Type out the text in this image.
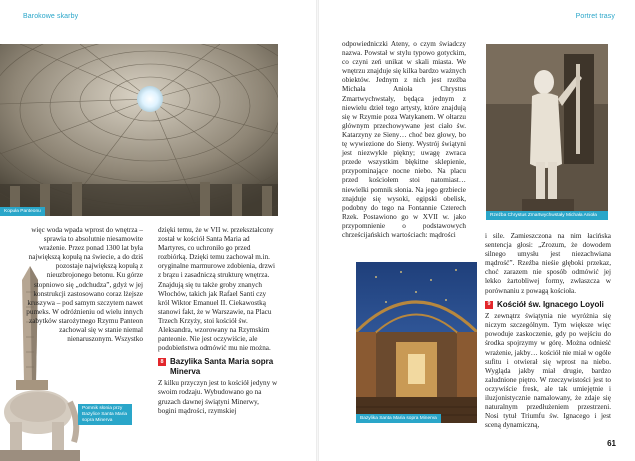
Barokowe skarby	Portret trasy
Kopuła Panteonu
Pomnik słonia przy Bazylice Santa Maria sopra Minerva

więc woda wpada wprost do wnętrza – sprawia to absolutnie niesamowite wrażenie. Przez ponad 1300 lat była największą kopułą na świecie, a do dziś pozostaje największą kopułą z nieuzbrojonego betonu. Ku górze stopniowo się „odchudza”, gdyż w jej konstrukcji zastosowano coraz lżejsze kruszywa – pod samym szczytem nawet pumeks. W odróżnieniu od wielu innych zabytków starożytnego Rzymu Panteon zachował się w stanie niemal nienaruszonym. Wszystko

dzięki temu, że w VII w. przekształcony został w kościół Santa Maria ad Martyres, co uchroniło go przed rozbiórką. Dzięki temu zachował m.in. oryginalne marmurowe zdobienia, drzwi z brązu i zasadniczą strukturę wnętrza. Znajdują się tu także groby znanych Włochów, takich jak Rafael Santi czy król Wiktor Emanuel II. Ciekawostką stanowi fakt, że w Warszawie, na Placu Trzech Krzyży, stoi kościół św. Aleksandra, wzorowany na Rzymskim panteonie. Nie jest oczywiście, ale podobieństwa odmówić mu nie można.

8 Bazylika Santa Maria sopra Minerva

Z kilku przyczyn jest to kościół jedyny w swoim rodzaju. Wybudowano go na gruzach dawnej świątyni Minerwy, bogini mądrości, rzymskiej

odpowiedniczki Ateny, o czym świadczy nazwa. Powstał w stylu typowo gotyckim, co czyni zeń unikat w skali miasta. We wnętrzu znajduje się kilka bardzo ważnych obiektów. Jednym z nich jest rzeźba Michała Anioła Chrystus Zmartwychwstały, będąca jednym z niewielu dzieł tego artysty, które znajdują się w Rzymie poza Watykanem. W ołtarzu głównym przechowywane jest ciało św. Katarzyny ze Sieny… choć bez głowy, bo tę wywiezione do Sieny. Wystrój świątyni jest niezwykle piękny; uwagę zwraca przede wszystkim błękitne sklepienie, przypominające nocne niebo. Na placu przed kościołem stoi natomiast… niewielki pomnik słonia. Na jego grzbiecie znajduje się wysoki, egipski obelisk, podobny do tego na Fontannie Czterech Rzek. Postawiono go w XVII w. jako przypomnienie o podstawowych chrześcijańskich wartościach: mądrości

Bazylika Santa Maria sopra Minerva
Rzeźba Chrystus Zmartwychwstały Michała Anioła

i sile. Zamieszczona na nim łacińska sentencja głosi: „Zrozum, że dowodem silnego umysłu jest niezachwiana mądrość”. Rzeźba nieśie głęboki przekaz, choć zarazem nie sposób odmówić jej lekko żartobliwej formy, zwłaszcza w porównaniu z powagą kościoła.

9 Kościół św. Ignacego Loyoli

Z zewnątrz świątynia nie wyróżnia się niczym szczególnym. Tym większe więc powoduje zaskoczenie, gdy po wejściu do środka spojrzymy w górę. Można odnieść wrażenie, jakby… kościół nie miał w ogóle sufitu i otwierał się wprost na niebo. Wygląda jakby miał drugie, bardzo zaludnione piętro. W rzeczywistości jest to oczywiście fresk, ale tak umiejętnie i iluzjonistycznie namalowany, że zdaje się naturalnym przedłużeniem przestrzeni. Nosi tytuł Triumfu św. Ignacego i jest sceną dynamiczną,

61
